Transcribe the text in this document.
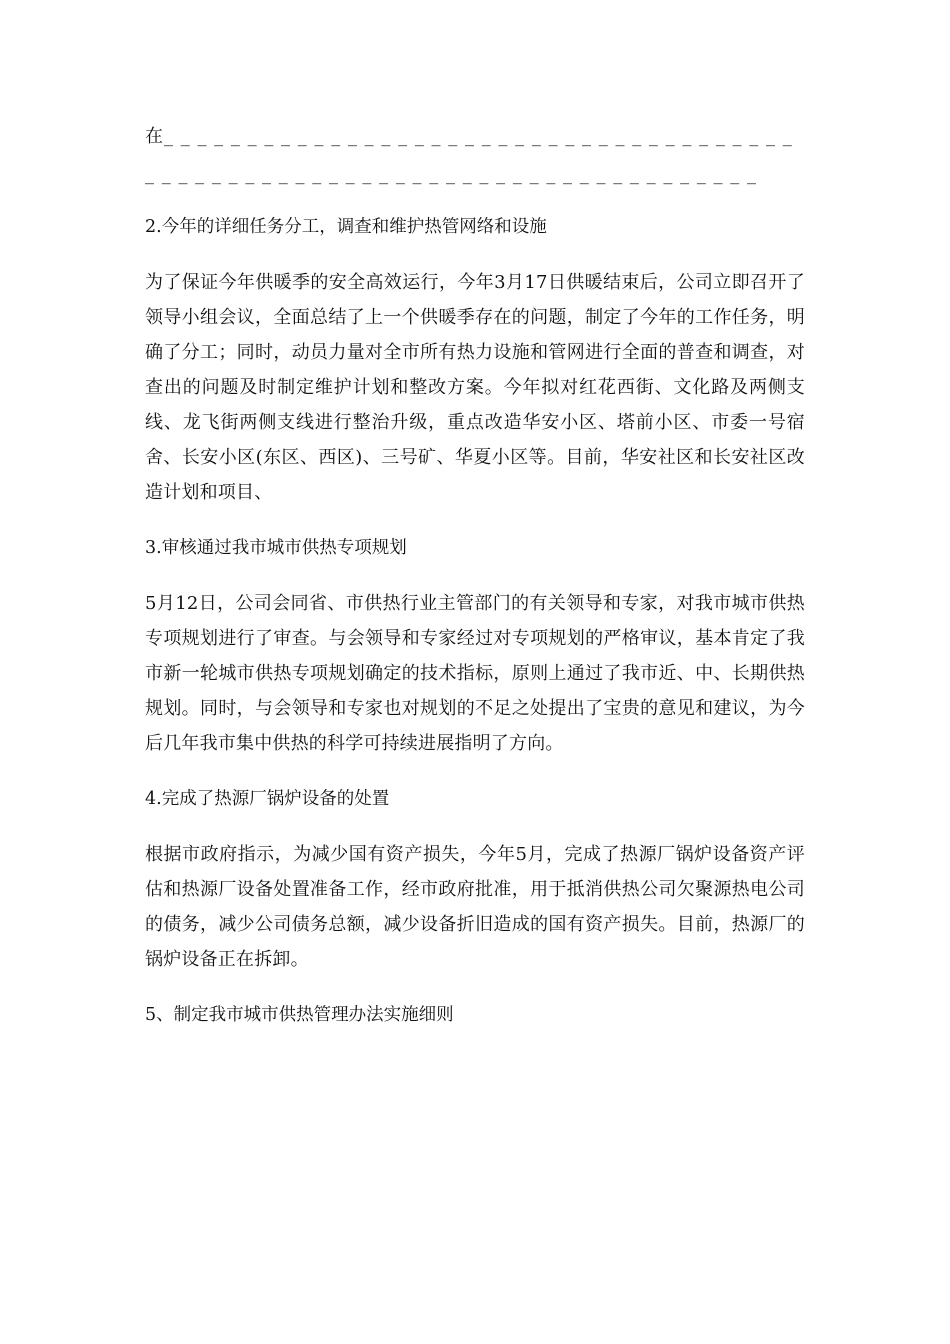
在_ _ _ _ _ _ _ _ _ _ _ _ _ _ _ _ _ _ _ _ _ _ _ _ _ _ _ _ _ _ _ _ _ _ _ _ _ _
_ _ _ _ _ _ _ _ _ _ _ _ _ _ _ _ _ _ _ _ _ _ _ _ _ _ _ _ _ _ _ _ _ _ _ _ _
2.今年的详细任务分工，调查和维护热管网络和设施
为了保证今年供暖季的安全高效运行，今年3月17日供暖结束后，公司立即召开了领导小组会议，全面总结了上一个供暖季存在的问题，制定了今年的工作任务，明确了分工；同时，动员力量对全市所有热力设施和管网进行全面的普查和调查，对查出的问题及时制定维护计划和整改方案。今年拟对红花西街、文化路及两侧支线、龙飞街两侧支线进行整治升级，重点改造华安小区、塔前小区、市委一号宿舍、长安小区(东区、西区)、三号矿、华夏小区等。目前，华安社区和长安社区改造计划和项目、
3.审核通过我市城市供热专项规划
5月12日，公司会同省、市供热行业主管部门的有关领导和专家，对我市城市供热专项规划进行了审查。与会领导和专家经过对专项规划的严格审议，基本肯定了我市新一轮城市供热专项规划确定的技术指标，原则上通过了我市近、中、长期供热规划。同时，与会领导和专家也对规划的不足之处提出了宝贵的意见和建议，为今后几年我市集中供热的科学可持续进展指明了方向。
4.完成了热源厂锅炉设备的处置
根据市政府指示，为减少国有资产损失，今年5月，完成了热源厂锅炉设备资产评估和热源厂设备处置准备工作，经市政府批准，用于抵消供热公司欠聚源热电公司的债务，减少公司债务总额，减少设备折旧造成的国有资产损失。目前，热源厂的锅炉设备正在拆卸。
5、制定我市城市供热管理办法实施细则
